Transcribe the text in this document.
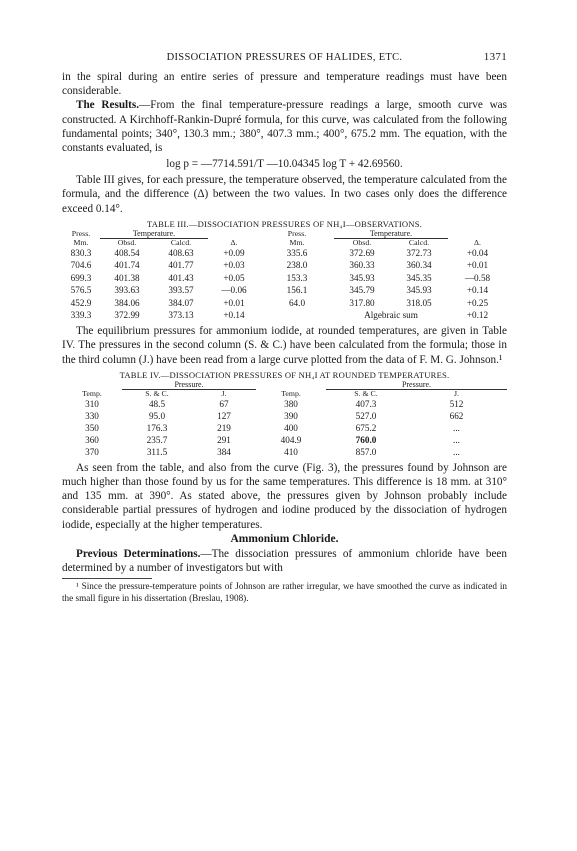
DISSOCIATION PRESSURES OF HALIDES, ETC.	1371

in the spiral during an entire series of pressure and temperature readings must have been considerable.

The Results.—From the final temperature-pressure readings a large, smooth curve was constructed. A Kirchhoff-Rankin-Dupré formula, for this curve, was calculated from the following fundamental points; 340°, 130.3 mm.; 380°, 407.3 mm.; 400°, 675.2 mm. The equation, with the constants evaluated, is

log p = —7714.591/T —10.04345 log T + 42.69560.

Table III gives, for each pressure, the temperature observed, the temperature calculated from the formula, and the difference (Δ) between the two values. In two cases only does the difference exceed 0.14°.

TABLE III.—DISSOCIATION PRESSURES OF NH₄I—OBSERVATIONS.
Press.	Temperature.			Press.	Temperature.		
Mm.	Obsd.	Calcd.	Δ.	Mm.	Obsd.	Calcd.	Δ.
830.3	408.54	408.63	+0.09	335.6	372.69	372.73	+0.04
704.6	401.74	401.77	+0.03	238.0	360.33	360.34	+0.01
699.3	401.38	401.43	+0.05	153.3	345.93	345.35	—0.58
576.5	393.63	393.57	—0.06	156.1	345.79	345.93	+0.14
452.9	384.06	384.07	+0.01	64.0	317.80	318.05	+0.25
339.3	372.99	373.13	+0.14		Algebraic sum		+0.12

The equilibrium pressures for ammonium iodide, at rounded temperatures, are given in Table IV. The pressures in the second column (S. & C.) have been calculated from the formula; those in the third column (J.) have been read from a large curve plotted from the data of F. M. G. Johnson.¹

TABLE IV.—DISSOCIATION PRESSURES OF NH₄I AT ROUNDED TEMPERATURES.
	Pressure.			Pressure.	
Temp.	S. & C.	J.	Temp.	S. & C.	J.
310	48.5	67	380	407.3	512
330	95.0	127	390	527.0	662
350	176.3	219	400	675.2	...
360	235.7	291	404.9	760.0	...
370	311.5	384	410	857.0	...

As seen from the table, and also from the curve (Fig. 3), the pressures found by Johnson are much higher than those found by us for the same temperatures. This difference is 18 mm. at 310° and 135 mm. at 390°. As stated above, the pressures given by Johnson probably include considerable partial pressures of hydrogen and iodine produced by the dissociation of hydrogen iodide, especially at the higher temperatures.

Ammonium Chloride.

Previous Determinations.—The dissociation pressures of ammonium chloride have been determined by a number of investigators but with

¹ Since the pressure-temperature points of Johnson are rather irregular, we have smoothed the curve as indicated in the small figure in his dissertation (Breslau, 1908).
